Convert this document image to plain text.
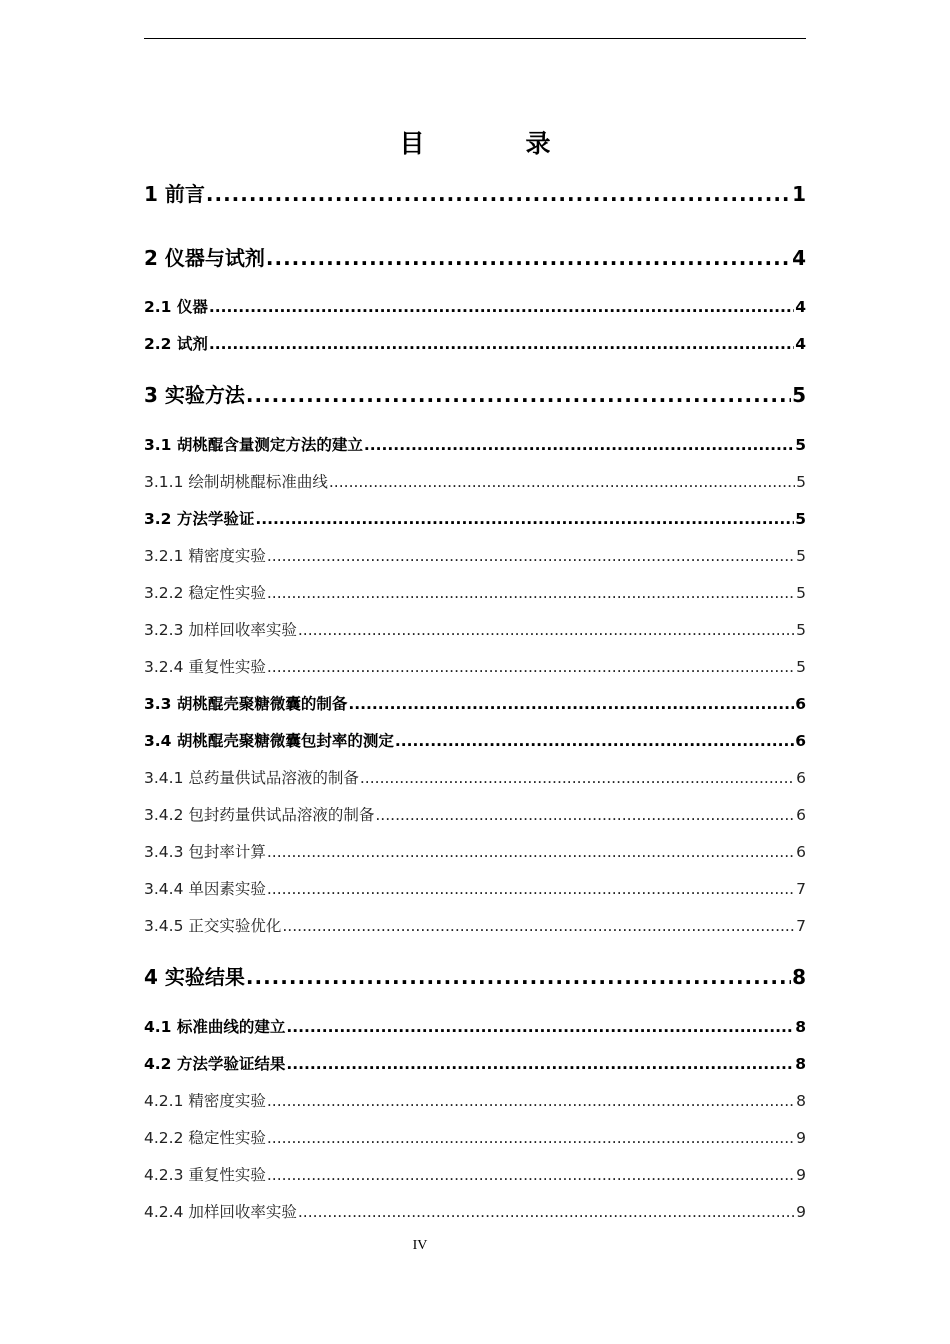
目　录
1 前言 .....	1
2 仪器与试剂 .....	4
2.1 仪器 .....	4
2.2 试剂 .....	4
3 实验方法 .....	5
3.1 胡桃醌含量测定方法的建立 .....	5
3.1.1 绘制胡桃醌标准曲线 .....	5
3.2 方法学验证 .....	5
3.2.1 精密度实验 .....	5
3.2.2 稳定性实验 .....	5
3.2.3 加样回收率实验 .....	5
3.2.4 重复性实验 .....	5
3.3 胡桃醌壳聚糖微囊的制备 .....	6
3.4 胡桃醌壳聚糖微囊包封率的测定 .....	6
3.4.1 总药量供试品溶液的制备 .....	6
3.4.2 包封药量供试品溶液的制备 .....	6
3.4.3 包封率计算 .....	6
3.4.4 单因素实验 .....	7
3.4.5 正交实验优化 .....	7
4 实验结果 .....	8
4.1 标准曲线的建立 .....	8
4.2 方法学验证结果 .....	8
4.2.1 精密度实验 .....	8
4.2.2 稳定性实验 .....	9
4.2.3 重复性实验 .....	9
4.2.4 加样回收率实验 .....	9
IV
